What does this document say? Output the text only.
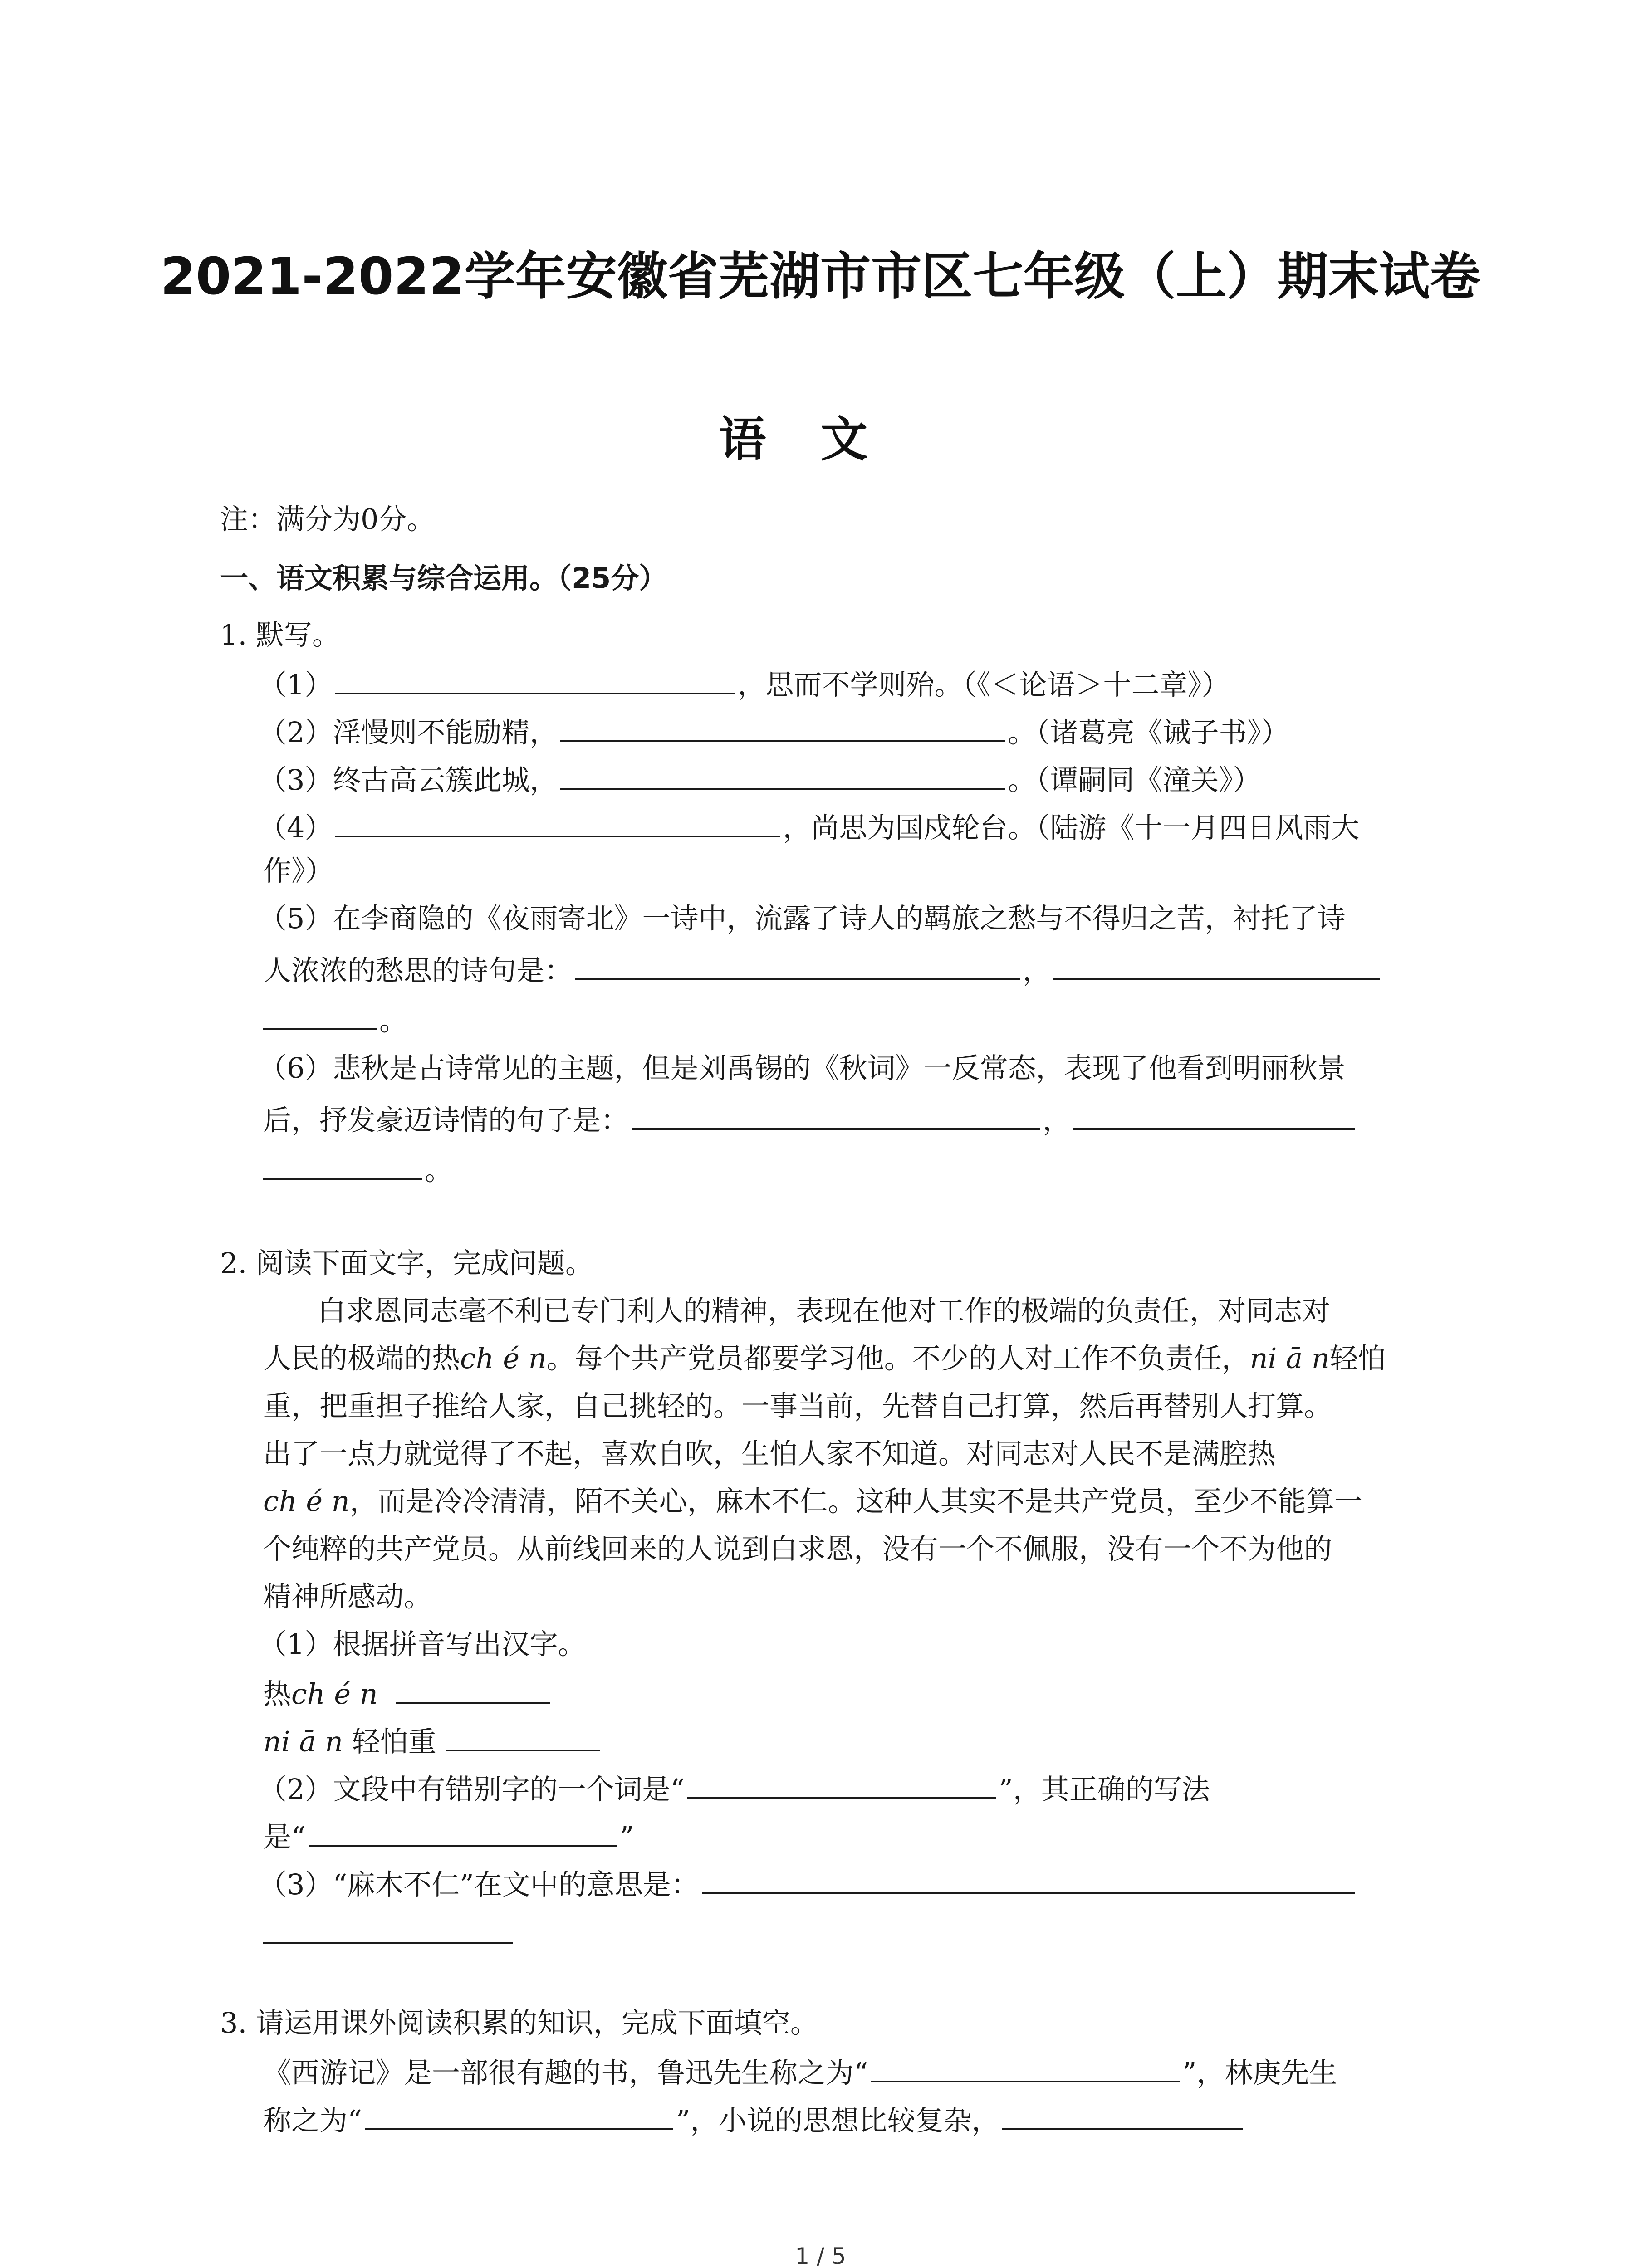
2021-2022学年安徽省芜湖市市区七年级（上）期末试卷
语文
注：满分为0分。
一、语文积累与综合运用。（25分）
1. 默写。
（1）	，思而不学则殆。（《＜论语＞十二章》）
（2）淫慢则不能励精，	。（诸葛亮《诫子书》）
（3）终古高云簇此城，	。（谭嗣同《潼关》）
（4）	，尚思为国戍轮台。（陆游《十一月四日风雨大
作》）
（5）在李商隐的《夜雨寄北》一诗中，流露了诗人的羁旅之愁与不得归之苦，衬托了诗
人浓浓的愁思的诗句是：	，
。
（6）悲秋是古诗常见的主题，但是刘禹锡的《秋词》一反常态，表现了他看到明丽秋景
后，抒发豪迈诗情的句子是：	，
。
2. 阅读下面文字，完成问题。
白求恩同志毫不利已专门利人的精神，表现在他对工作的极端的负责任，对同志对
人民的极端的热ch é n。每个共产党员都要学习他。不少的人对工作不负责任，ni ā n轻怕
重，把重担子推给人家，自己挑轻的。一事当前，先替自己打算，然后再替别人打算。
出了一点力就觉得了不起，喜欢自吹，生怕人家不知道。对同志对人民不是满腔热
ch é n，而是冷冷清清，陌不关心，麻木不仁。这种人其实不是共产党员，至少不能算一
个纯粹的共产党员。从前线回来的人说到白求恩，没有一个不佩服，没有一个不为他的
精神所感动。
（1）根据拼音写出汉字。
热ch é n
ni ā n 轻怕重
（2）文段中有错别字的一个词是“	”，其正确的写法
是“	”
（3）“麻木不仁”在文中的意思是：
3. 请运用课外阅读积累的知识，完成下面填空。
《西游记》是一部很有趣的书，鲁迅先生称之为“	”，林庚先生
称之为“	”，小说的思想比较复杂，
1 / 5
